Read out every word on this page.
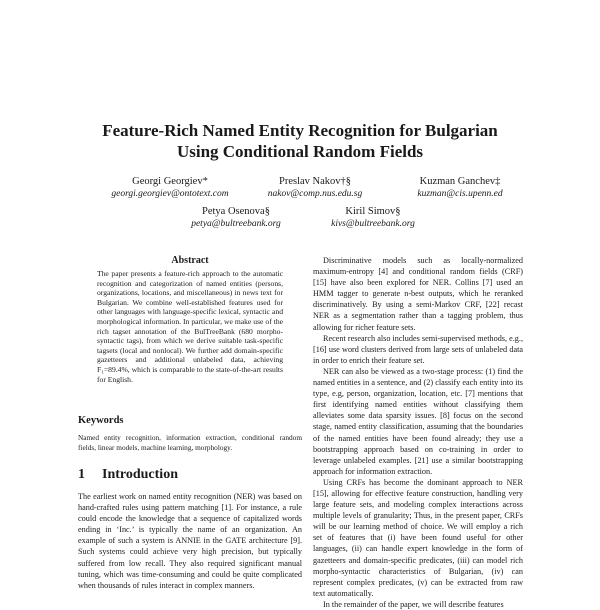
Feature-Rich Named Entity Recognition for Bulgarian
Using Conditional Random Fields
Georgi Georgiev*
georgi.georgiev@ontotext.com
Preslav Nakov†§
nakov@comp.nus.edu.sg
Kuzman Ganchev‡
kuzman@cis.upenn.ed
Petya Osenova§
petya@bultreebank.org
Kiril Simov§
kivs@bultreebank.org
Abstract
The paper presents a feature-rich approach to the automatic recognition and categorization of named entities (persons, organizations, locations, and miscellaneous) in news text for Bulgarian. We combine well-established features used for other languages with language-specific lexical, syntactic and morphological information. In particular, we make use of the rich tagset annotation of the BulTreeBank (680 morpho-syntactic tags), from which we derive suitable task-specific tagsets (local and nonlocal). We further add domain-specific gazetteers and additional unlabeled data, achieving F₁=89.4%, which is comparable to the state-of-the-art results for English.
Keywords
Named entity recognition, information extraction, conditional random fields, linear models, machine learning, morphology.
1 Introduction

The earliest work on named entity recognition (NER) was based on hand-crafted rules using pattern matching [1]. For instance, a rule could encode the knowledge that a sequence of capitalized words ending in ‘Inc.’ is typically the name of an organization. An example of such a system is ANNIE in the GATE architecture [9]. Such systems could achieve very high precision, but typically suffered from low recall. They also required significant manual tuning, which was time-consuming and could be quite complicated when thousands of rules interact in complex manners.

Discriminative models such as locally-normalized maximum-entropy [4] and conditional random fields (CRF) [15] have also been explored for NER. Collins [7] used an HMM tagger to generate n-best outputs, which he reranked discriminatively. By using a semi-Markov CRF, [22] recast NER as a segmentation rather than a tagging problem, thus allowing for richer feature sets.

Recent research also includes semi-supervised methods, e.g., [16] use word clusters derived from large sets of unlabeled data in order to enrich their feature set.

NER can also be viewed as a two-stage process: (1) find the named entities in a sentence, and (2) classify each entity into its type, e.g, person, organization, location, etc. [7] mentions that first identifying named entities without classifying them alleviates some data sparsity issues. [8] focus on the second stage, named entity classification, assuming that the boundaries of the named entities have been found already; they use a bootstrapping approach based on co-training in order to leverage unlabeled examples. [21] use a similar bootstrapping approach for information extraction.

Using CRFs has become the dominant approach to NER [15], allowing for effective feature construction, handling very large feature sets, and modeling complex interactions across multiple levels of granularity; Thus, in the present paper, CRFs will be our learning method of choice. We will employ a rich set of features that (i) have been found useful for other languages, (ii) can handle expert knowledge in the form of gazetteers and domain-specific predicates, (iii) can model rich morpho-syntactic characteristics of Bulgarian, (iv) can represent complex predicates, (v) can be extracted from raw text automatically.

In the remainder of the paper, we will describe features
